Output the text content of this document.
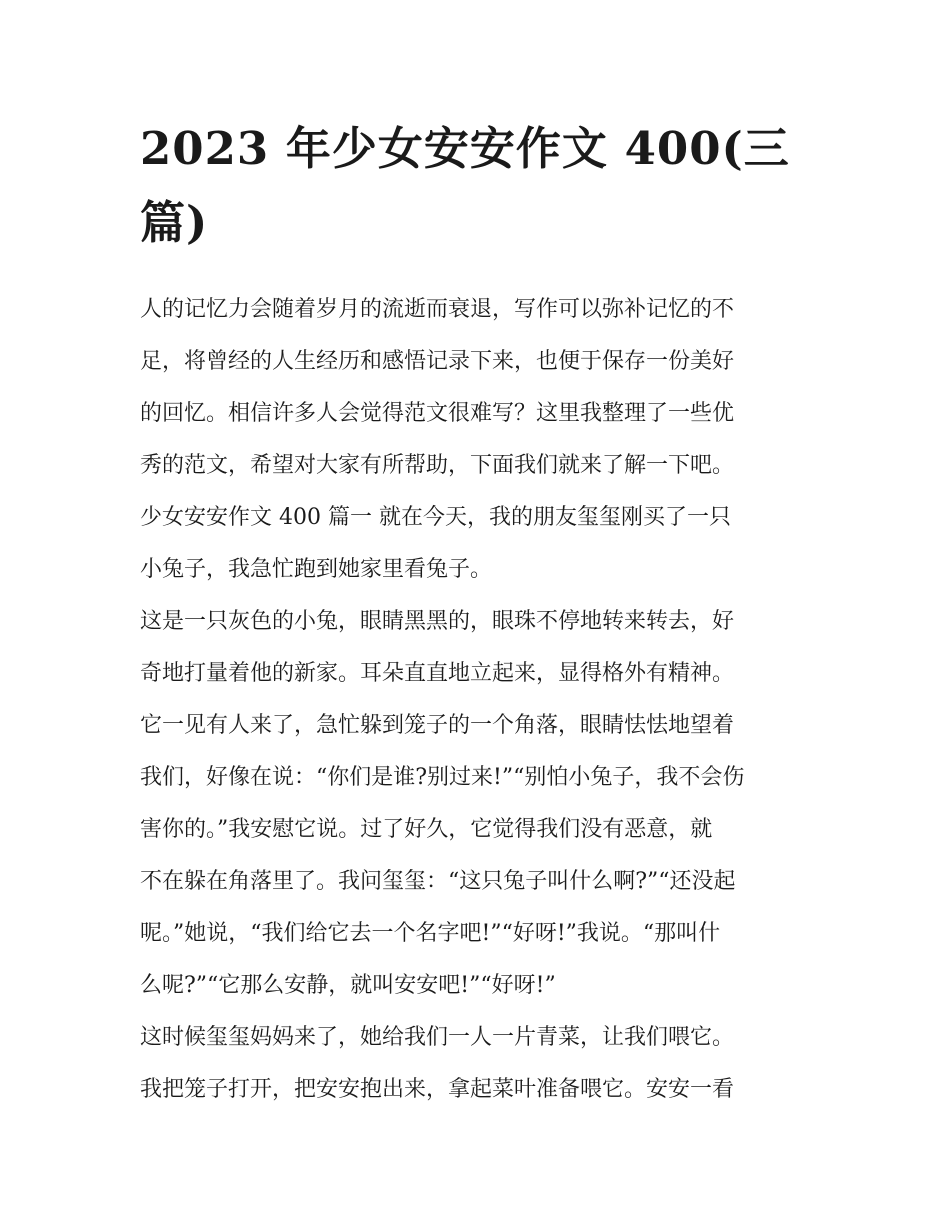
2023 年少女安安作文 400(三
篇)

人的记忆力会随着岁月的流逝而衰退，写作可以弥补记忆的不
足，将曾经的人生经历和感悟记录下来，也便于保存一份美好
的回忆。相信许多人会觉得范文很难写？这里我整理了一些优
秀的范文，希望对大家有所帮助，下面我们就来了解一下吧。

少女安安作文 400 篇一 就在今天，我的朋友玺玺刚买了一只
小兔子，我急忙跑到她家里看兔子。

这是一只灰色的小兔，眼睛黑黑的，眼珠不停地转来转去，好
奇地打量着他的新家。耳朵直直地立起来，显得格外有精神。
它一见有人来了，急忙躲到笼子的一个角落，眼睛怯怯地望着
我们，好像在说：“你们是谁?别过来!”“别怕小兔子，我不会伤
害你的。”我安慰它说。过了好久，它觉得我们没有恶意，就
不在躲在角落里了。我问玺玺：“这只兔子叫什么啊?”“还没起
呢。”她说，“我们给它去一个名字吧!”“好呀!”我说。“那叫什
么呢?”“它那么安静，就叫安安吧!”“好呀!”

这时候玺玺妈妈来了，她给我们一人一片青菜，让我们喂它。
我把笼子打开，把安安抱出来，拿起菜叶准备喂它。安安一看
